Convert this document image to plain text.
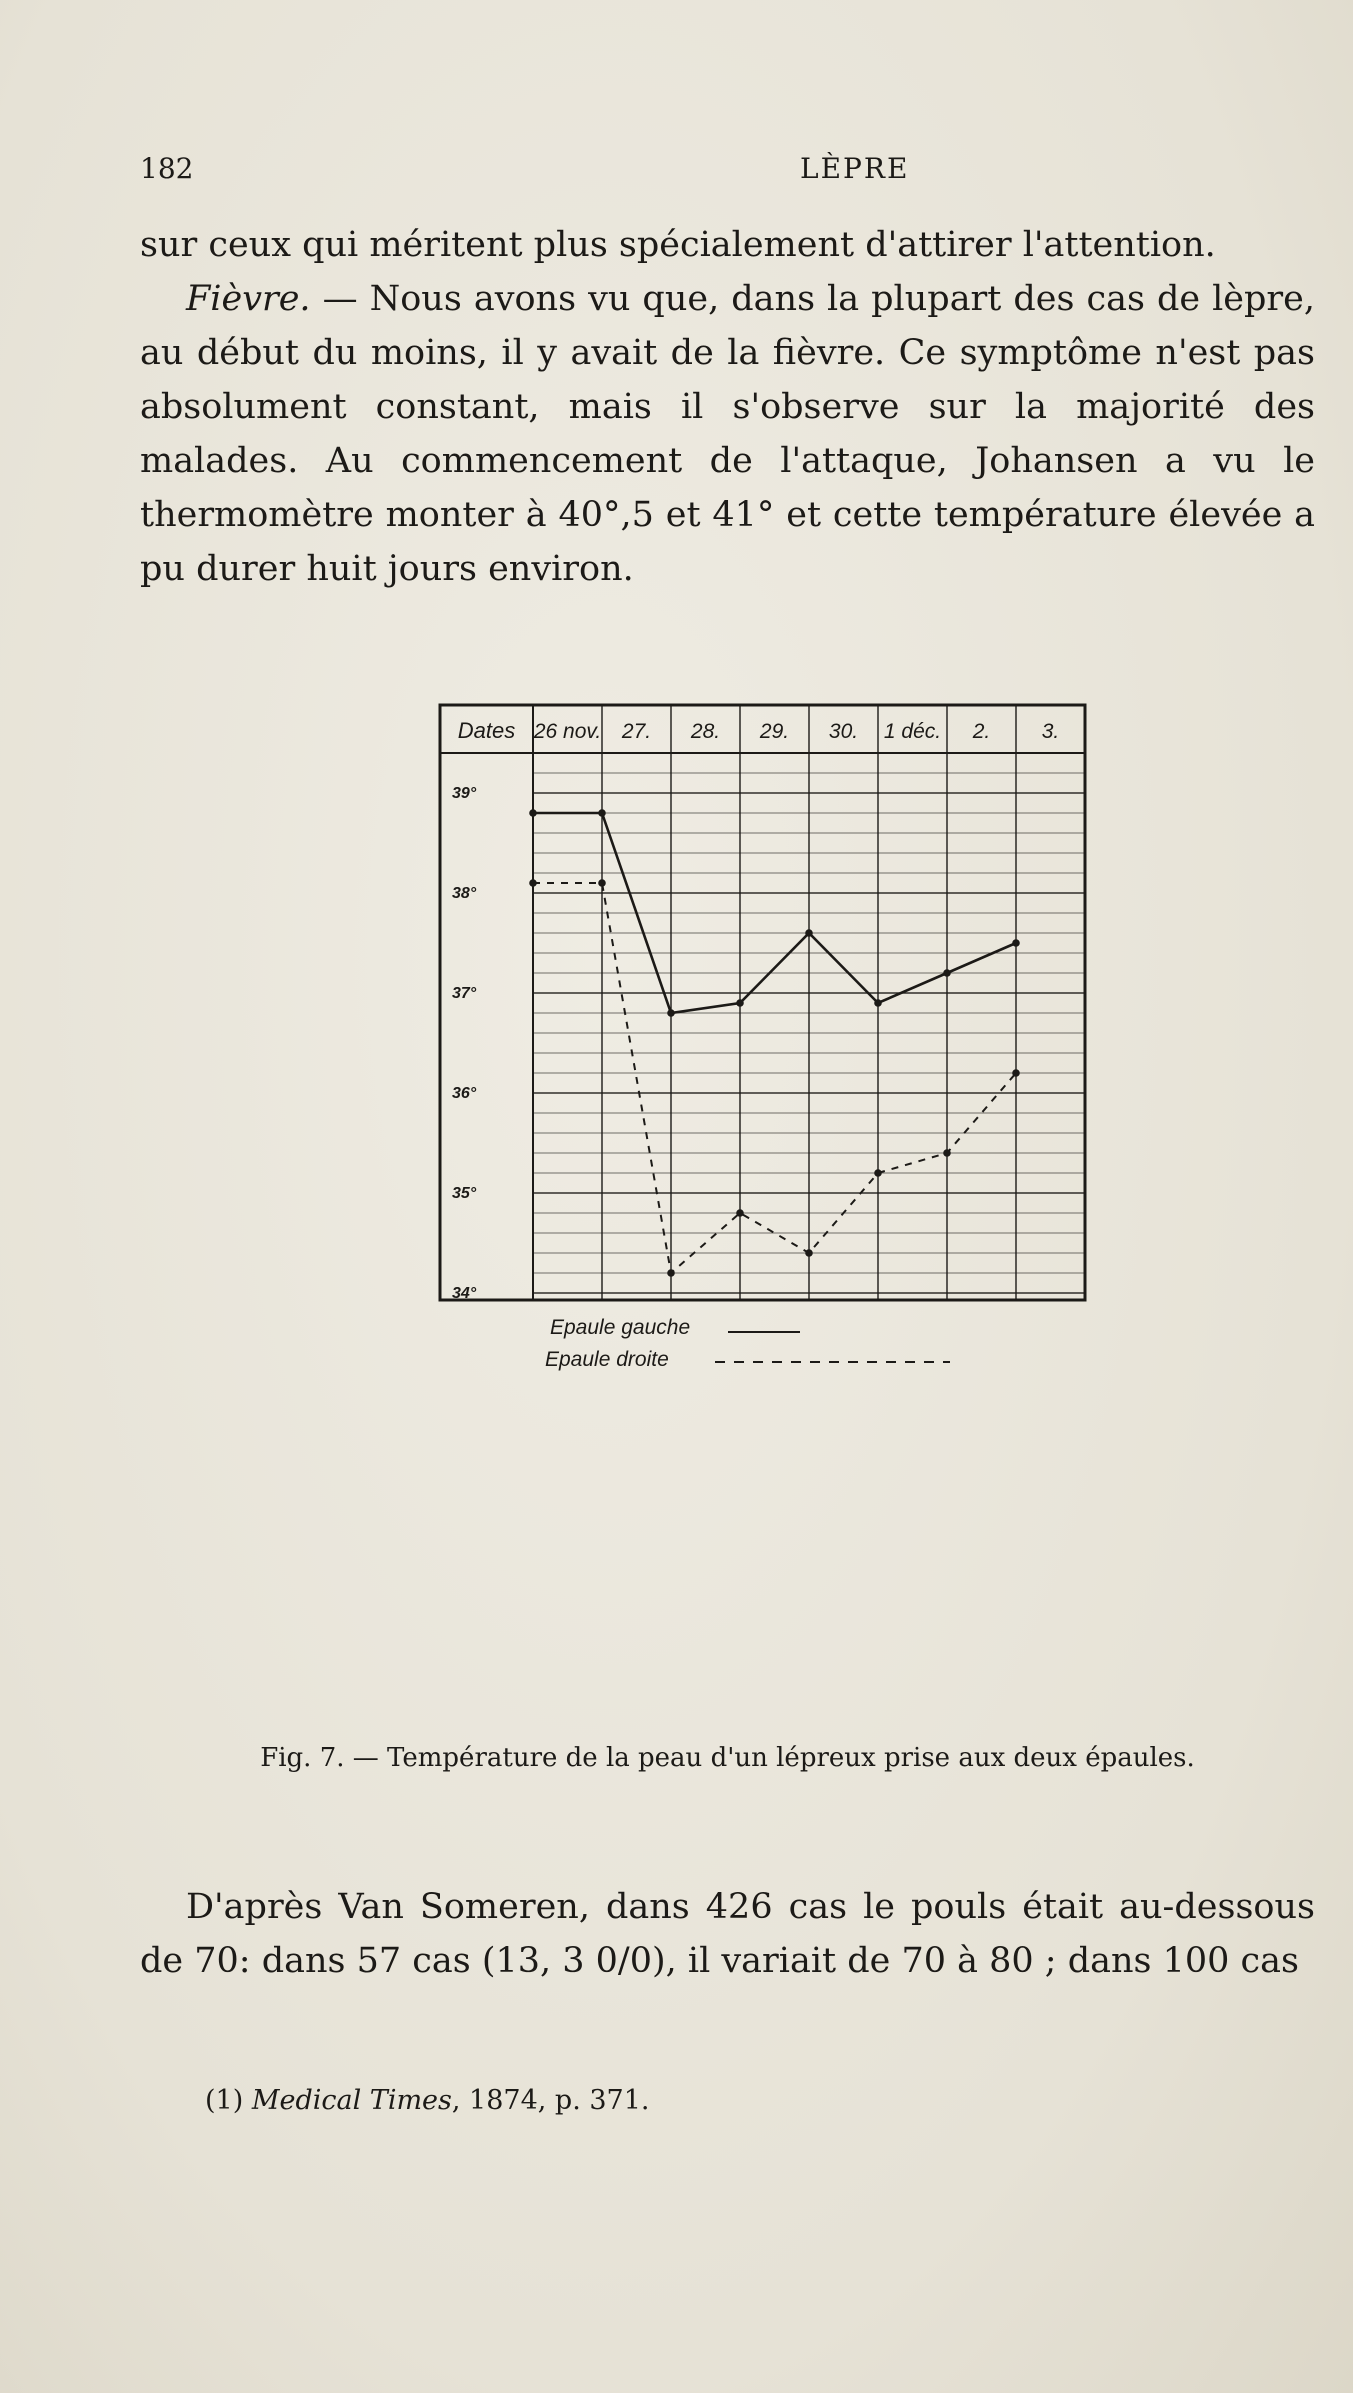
182	LÈPRE

sur ceux qui méritent plus spécialement d'attirer l'attention.

Fièvre. — Nous avons vu que, dans la plupart des cas de lèpre, au début du moins, il y avait de la fièvre. Ce symptôme n'est pas absolument constant, mais il s'observe sur la majorité des malades. Au commencement de l'attaque, Johansen a vu le thermomètre monter à 40°,5 et 41° et cette température élevée a pu durer huit jours environ.

Dates 26 nov. 27. 28. 29. 30. 1 déc. 2. 3.
39°
38°
37°
36°
35°
34°
Epaule gauche
Epaule droite
Fig. 7. — Température de la peau d'un lépreux prise aux deux épaules.

D'après Van Someren, dans 426 cas le pouls était au-dessous de 70: dans 57 cas (13, 3 0/0), il variait de 70 à 80 ; dans 100 cas

(1) Medical Times, 1874, p. 371.
